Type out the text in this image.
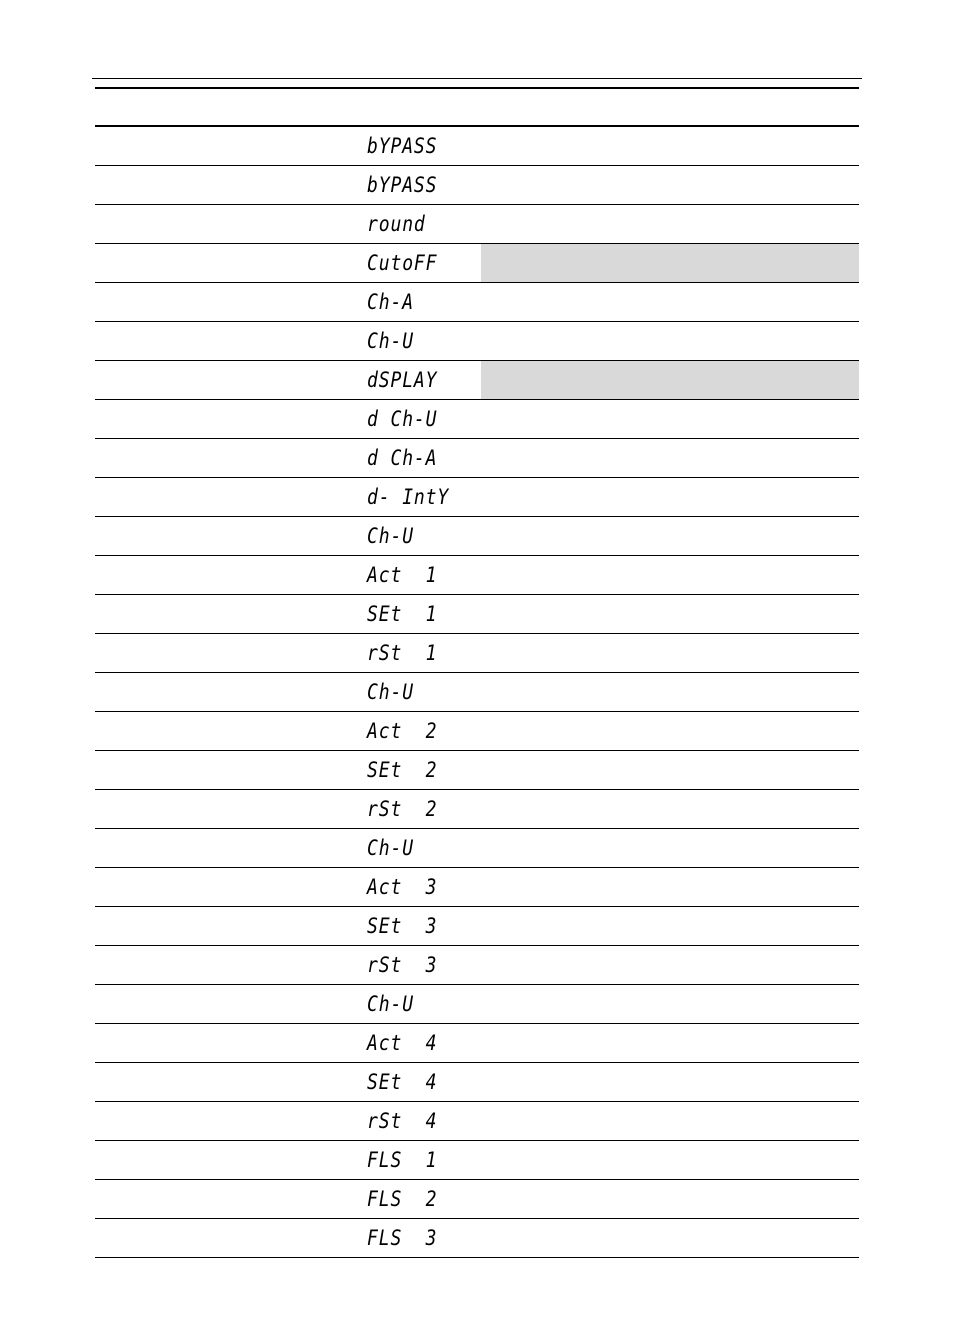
bYPASS
bYPASS
round
CutoFF
Ch-A
Ch-U
dSPLAY
d Ch-U
d Ch-A
d- IntY
Ch-U
Act  1
SEt  1
rSt  1
Ch-U
Act  2
SEt  2
rSt  2
Ch-U
Act  3
SEt  3
rSt  3
Ch-U
Act  4
SEt  4
rSt  4
FLS  1
FLS  2
FLS  3
